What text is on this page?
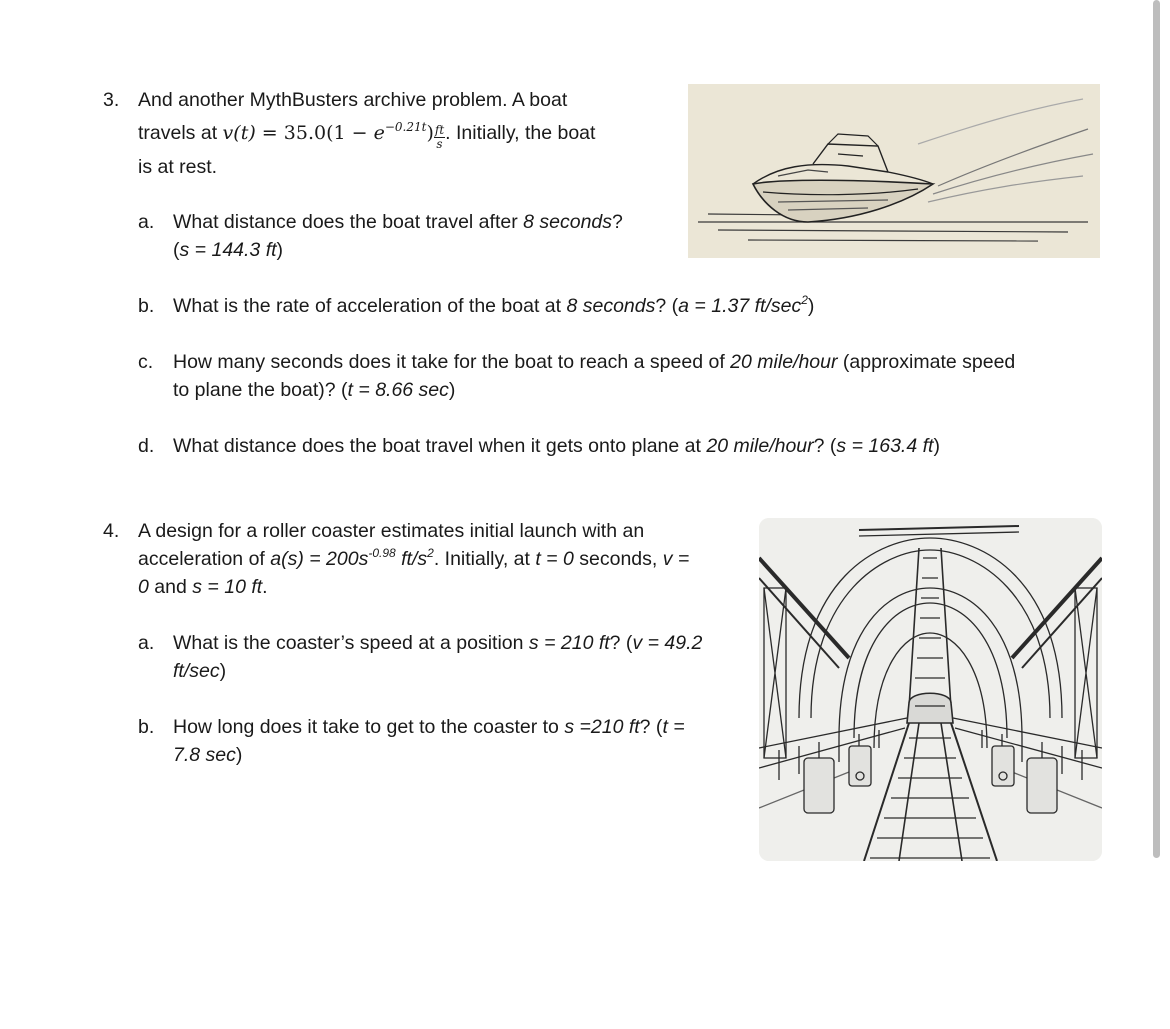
3. And another MythBusters archive problem. A boat
travels at $v(t) = 35.0(1 - e^{-0.21t}) \frac{ft}{s}$ . Initially, the boat
is at rest.
a. What distance does the boat travel after 8 seconds?
(s = 144.3 ft)
b. What is the rate of acceleration of the boat at 8 seconds? (a = 1.37 $ft/\sec^2$)
c. How many seconds does it take for the boat to reach a speed of 20 mile/hour (approximate speed
to plane the boat)? (t = 8.66 sec)
d. What distance does the boat travel when it gets onto plane at 20 mile/hour? (s = 163.4 ft)
4. A design for a roller coaster estimates initial launch with an
acceleration of $a(s) = 200s^{-0.98}$ $ft/s^2$. Initially, at t = 0 seconds, v =
0 and s = 10 ft.
a. What is the coaster’s speed at a position s = 210 ft? (v = 49.2
ft/sec)
b. How long does it take to get to the coaster to s =210 ft? (t =
7.8 sec)
